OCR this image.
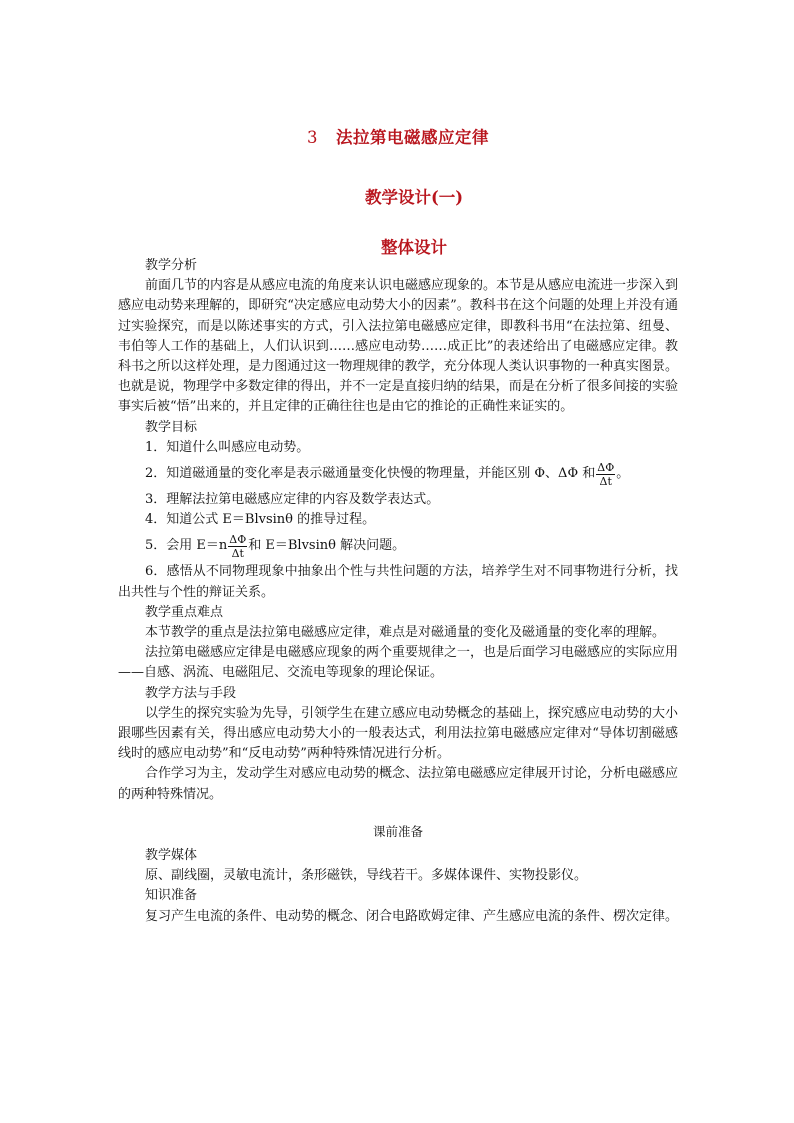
3 法拉第电磁感应定律
教学设计(一)
整体设计

教学分析

前面几节的内容是从感应电流的角度来认识电磁感应现象的。本节是从感应电流进一步深入到感应电动势来理解的，即研究“决定感应电动势大小的因素”。教科书在这个问题的处理上并没有通过实验探究，而是以陈述事实的方式，引入法拉第电磁感应定律，即教科书用“在法拉第、纽曼、韦伯等人工作的基础上，人们认识到……感应电动势……成正比”的表述给出了电磁感应定律。教科书之所以这样处理，是力图通过这一物理规律的教学，充分体现人类认识事物的一种真实图景。也就是说，物理学中多数定律的得出，并不一定是直接归纳的结果，而是在分析了很多间接的实验事实后被“悟”出来的，并且定律的正确往往也是由它的推论的正确性来证实的。

教学目标

1．知道什么叫感应电动势。

2．知道磁通量的变化率是表示磁通量变化快慢的物理量，并能区别 Φ、ΔΦ 和 $\frac{\Delta\Phi}{\Delta t}$ 。

3．理解法拉第电磁感应定律的内容及数学表达式。

4．知道公式 E＝Blvsinθ 的推导过程。

5．会用 $E=n \frac{\Delta\Phi}{\Delta t}$ 和 E＝Blvsinθ 解决问题。

6．感悟从不同物理现象中抽象出个性与共性问题的方法，培养学生对不同事物进行分析，找出共性与个性的辩证关系。

教学重点难点

本节教学的重点是法拉第电磁感应定律，难点是对磁通量的变化及磁通量的变化率的理解。

法拉第电磁感应定律是电磁感应现象的两个重要规律之一，也是后面学习电磁感应的实际应用——自感、涡流、电磁阻尼、交流电等现象的理论保证。

教学方法与手段

以学生的探究实验为先导，引领学生在建立感应电动势概念的基础上，探究感应电动势的大小跟哪些因素有关，得出感应电动势大小的一般表达式，利用法拉第电磁感应定律对“导体切割磁感线时的感应电动势”和“反电动势”两种特殊情况进行分析。

合作学习为主，发动学生对感应电动势的概念、法拉第电磁感应定律展开讨论，分析电磁感应的两种特殊情况。

课前准备

教学媒体

原、副线圈，灵敏电流计，条形磁铁，导线若干。多媒体课件、实物投影仪。

知识准备

复习产生电流的条件、电动势的概念、闭合电路欧姆定律、产生感应电流的条件、楞次定律。
